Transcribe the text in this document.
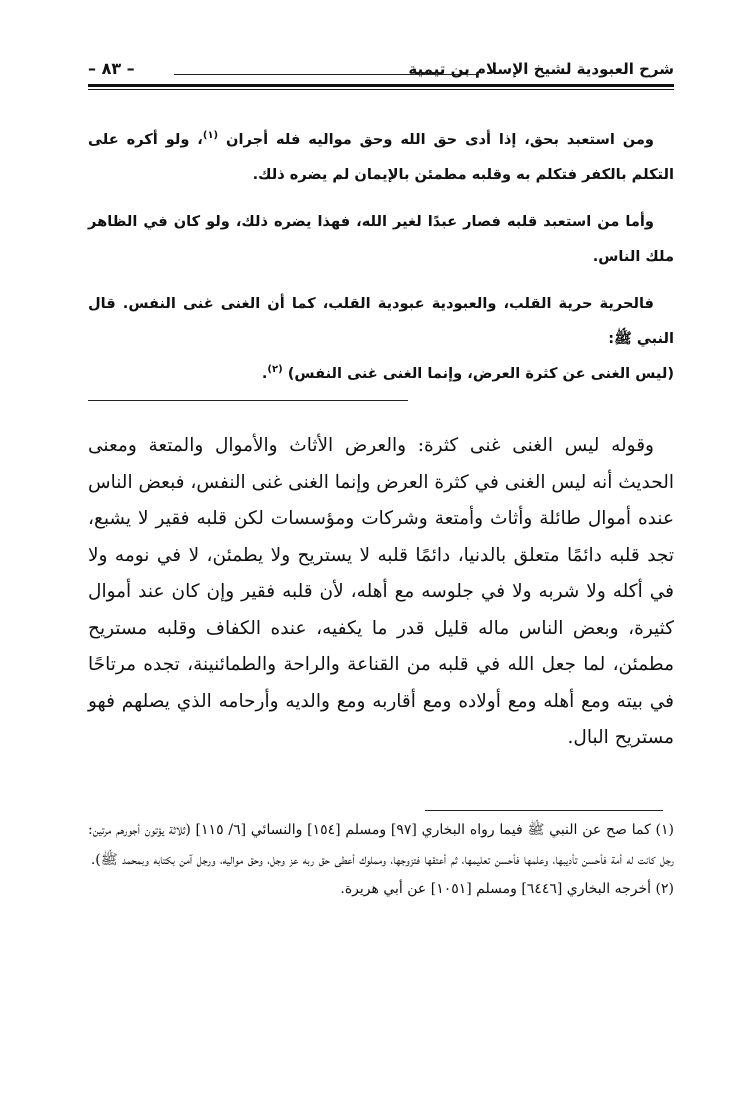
شرح العبودية لشيخ الإسلام بن تيمية
– ٨٣ –

ومن استعبد بحق، إذا أدى حق الله وحق مواليه فله أجران $^{(١)}$، ولو أكره على التكلم بالكفر فتكلم به وقلبه مطمئن بالإيمان لم يضره ذلك.

وأما من استعبد قلبه فصار عبدًا لغير الله، فهذا يضره ذلك، ولو كان في الظاهر ملك الناس.

فالحرية حرية القلب، والعبودية عبودية القلب، كما أن الغنى غنى النفس. قال النبي ﷺ:
(ليس الغنى عن كثرة العرض، وإنما الغنى غنى النفس) $^{(٢)}$.

وقوله ليس الغنى غنى كثرة: والعرض الأثاث والأموال والمتعة ومعنى الحديث أنه ليس الغنى في كثرة العرض وإنما الغنى غنى النفس، فبعض الناس عنده أموال طائلة وأثاث وأمتعة وشركات ومؤسسات لكن قلبه فقير لا يشبع، تجد قلبه دائمًا متعلق بالدنيا، دائمًا قلبه لا يستريح ولا يطمئن، لا في نومه ولا في أكله ولا شربه ولا في جلوسه مع أهله، لأن قلبه فقير وإن كان عند أموال كثيرة، وبعض الناس ماله قليل قدر ما يكفيه، عنده الكفاف وقلبه مستريح مطمئن، لما جعل الله في قلبه من القناعة والراحة والطمائنينة، تجده مرتاحًا في بيته ومع أهله ومع أولاده ومع أقاربه ومع والديه وأرحامه الذي يصلهم فهو مستريح البال.

(١) كما صح عن النبي ﷺ فيما رواه البخاري [٩٧] ومسلم [١٥٤] والنسائي [٦/ ١١٥] (ثلاثة يؤتون أجورهم مرتين: رجل كانت له أمة فأحسن تأديبها، وعلمها فأحسن تعليمها، ثم أعتقها فتزوجها، ومملوك أعطى حق ربه عز وجل، وحق مواليه، ورجل آمن بكتابه وبمحمد ﷺ).

(٢) أخرجه البخاري [٦٤٤٦] ومسلم [١٠٥١] عن أبي هريرة.
